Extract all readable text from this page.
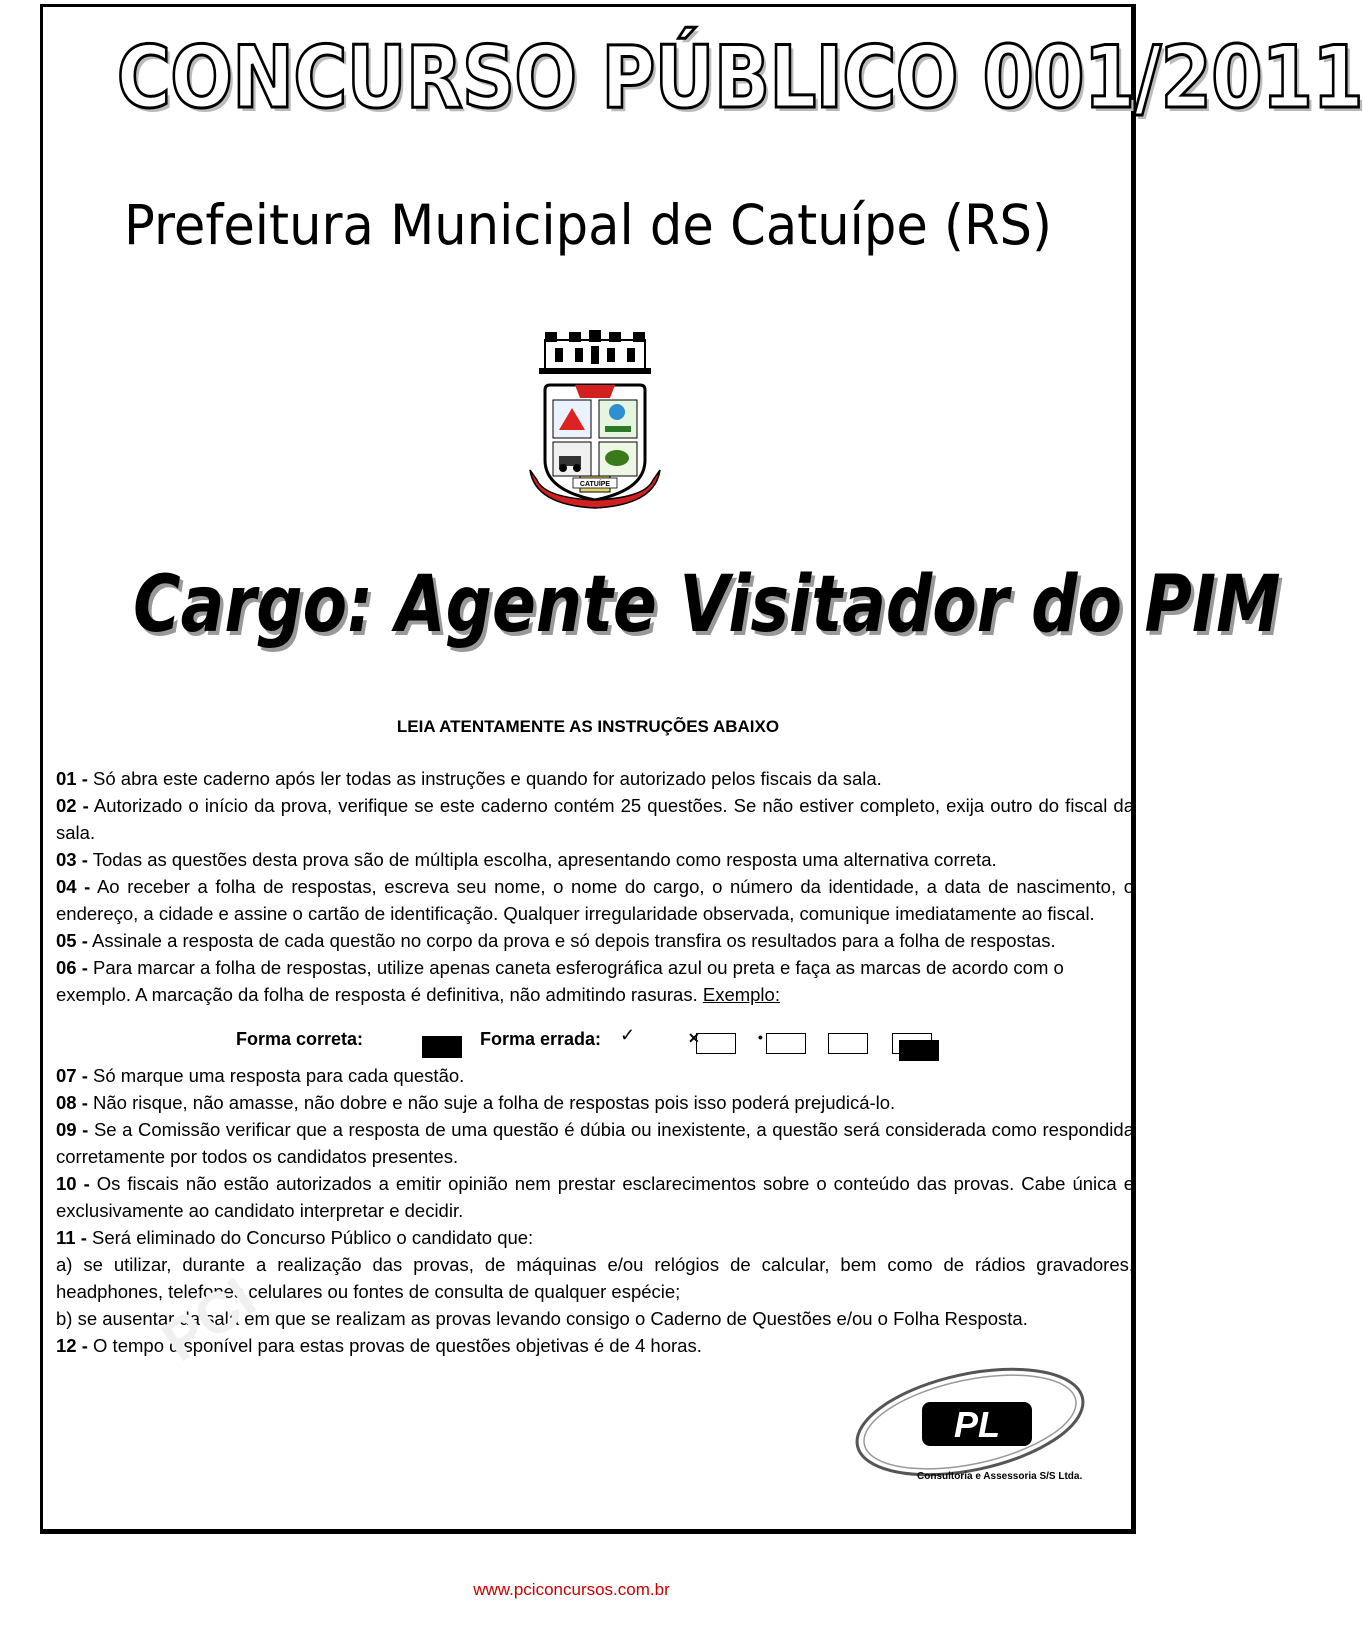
CONCURSO PÚBLICO 001/2011
Prefeitura Municipal de Catuípe (RS)
CATUÍPE
Cargo: Agente Visitador do PIM
LEIA ATENTAMENTE AS INSTRUÇÕES ABAIXO

01 - Só abra este caderno após ler todas as instruções e quando for autorizado pelos fiscais da sala.

02 - Autorizado o início da prova, verifique se este caderno contém 25 questões. Se não estiver completo, exija outro do fiscal da sala.

03 - Todas as questões desta prova são de múltipla escolha, apresentando como resposta uma alternativa correta.

04 - Ao receber a folha de respostas, escreva seu nome, o nome do cargo, o número da identidade, a data de nascimento, o endereço, a cidade e assine o cartão de identificação. Qualquer irregularidade observada, comunique imediatamente ao fiscal.

05 - Assinale a resposta de cada questão no corpo da prova e só depois transfira os resultados para a folha de respostas.

06 - Para marcar a folha de respostas, utilize apenas caneta esferográfica azul ou preta e faça as marcas de acordo com o exemplo. A marcação da folha de resposta é definitiva, não admitindo rasuras. Exemplo:

Forma correta:	Forma errada: ✓	✕	•

07 - Só marque uma resposta para cada questão.

08 - Não risque, não amasse, não dobre e não suje a folha de respostas pois isso poderá prejudicá-lo.

09 - Se a Comissão verificar que a resposta de uma questão é dúbia ou inexistente, a questão será considerada como respondida corretamente por todos os candidatos presentes.

10 - Os fiscais não estão autorizados a emitir opinião nem prestar esclarecimentos sobre o conteúdo das provas. Cabe única e exclusivamente ao candidato interpretar e decidir.

11 - Será eliminado do Concurso Público o candidato que:

a) se utilizar, durante a realização das provas, de máquinas e/ou relógios de calcular, bem como de rádios gravadores, headphones, telefones celulares ou fontes de consulta de qualquer espécie;

b) se ausentar da sala em que se realizam as provas levando consigo o Caderno de Questões e/ou o Folha Resposta.

12 - O tempo disponível para estas provas de questões objetivas é de 4 horas.

PCI
PL
Consultoria e Assessoria S/S Ltda.
www.pciconcursos.com.br
